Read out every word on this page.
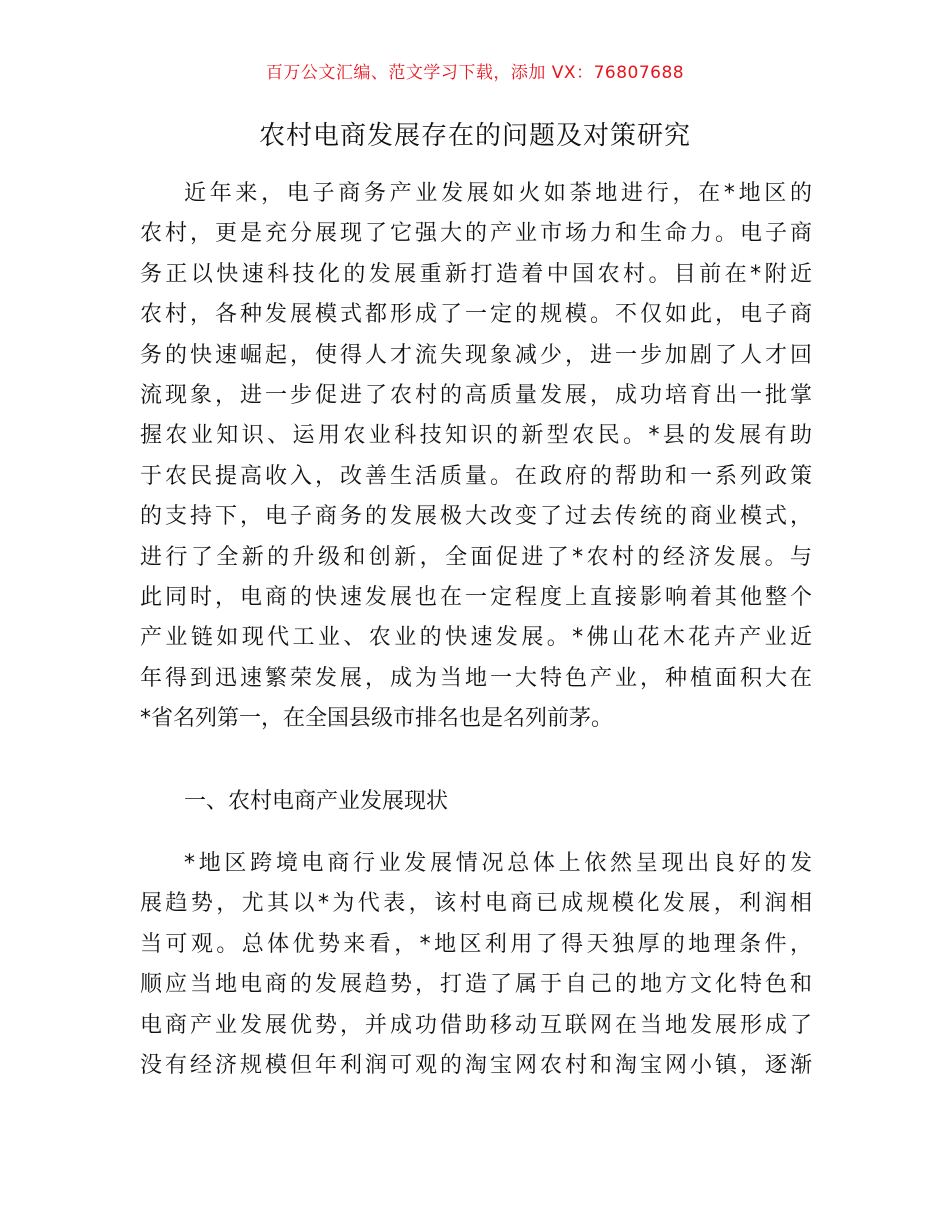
百万公文汇编、范文学习下载，添加 VX：76807688
农村电商发展存在的问题及对策研究
近年来，电子商务产业发展如火如荼地进行，在*地区的
农村，更是充分展现了它强大的产业市场力和生命力。电子商
务正以快速科技化的发展重新打造着中国农村。目前在*附近
农村，各种发展模式都形成了一定的规模。不仅如此，电子商
务的快速崛起，使得人才流失现象减少，进一步加剧了人才回
流现象，进一步促进了农村的高质量发展，成功培育出一批掌
握农业知识、运用农业科技知识的新型农民。*县的发展有助
于农民提高收入，改善生活质量。在政府的帮助和一系列政策
的支持下，电子商务的发展极大改变了过去传统的商业模式，
进行了全新的升级和创新，全面促进了*农村的经济发展。与
此同时，电商的快速发展也在一定程度上直接影响着其他整个
产业链如现代工业、农业的快速发展。*佛山花木花卉产业近
年得到迅速繁荣发展，成为当地一大特色产业，种植面积大在
*省名列第一，在全国县级市排名也是名列前茅。
一、农村电商产业发展现状
*地区跨境电商行业发展情况总体上依然呈现出良好的发
展趋势，尤其以*为代表，该村电商已成规模化发展，利润相
当可观。总体优势来看，*地区利用了得天独厚的地理条件，
顺应当地电商的发展趋势，打造了属于自己的地方文化特色和
电商产业发展优势，并成功借助移动互联网在当地发展形成了
没有经济规模但年利润可观的淘宝网农村和淘宝网小镇，逐渐
